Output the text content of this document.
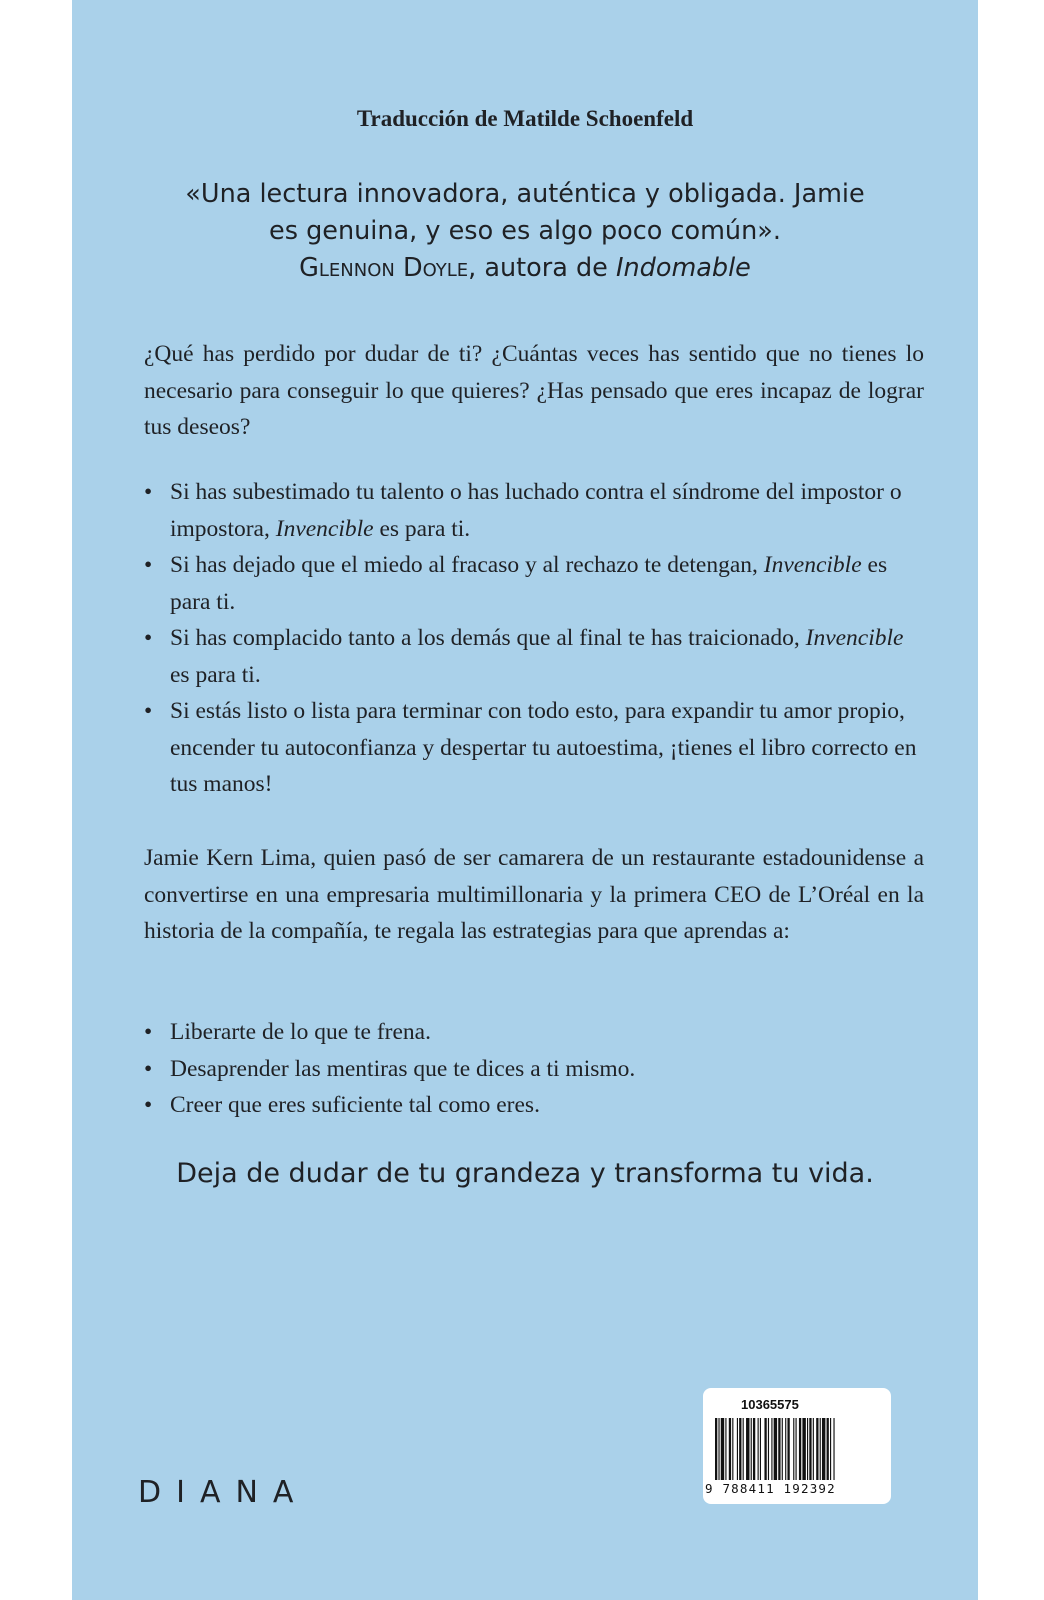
Traducción de Matilde Schoenfeld
«Una lectura innovadora, auténtica y obligada. Jamie
es genuina, y eso es algo poco común».
Glennon Doyle, autora de Indomable
¿Qué has perdido por dudar de ti? ¿Cuántas veces has sentido que no tienes lo necesario para conseguir lo que quieres? ¿Has pensado que eres incapaz de lograr tus deseos?
• Si has subestimado tu talento o has luchado contra el síndrome del impostor o impostora, Invencible es para ti.
• Si has dejado que el miedo al fracaso y al rechazo te detengan, Invencible es para ti.
• Si has complacido tanto a los demás que al final te has traicionado, Invencible es para ti.
• Si estás listo o lista para terminar con todo esto, para expandir tu amor propio, encender tu autoconfianza y despertar tu autoestima, ¡tienes el libro correcto en tus manos!
Jamie Kern Lima, quien pasó de ser camarera de un restaurante estadounidense a convertirse en una empresaria multimillonaria y la primera CEO de L’Oréal en la historia de la compañía, te regala las estrategias para que aprendas a:
• Liberarte de lo que te frena.
• Desaprender las mentiras que te dices a ti mismo.
• Creer que eres suficiente tal como eres.
Deja de dudar de tu grandeza y transforma tu vida.
DIANA
10365575
9 788411 192392
